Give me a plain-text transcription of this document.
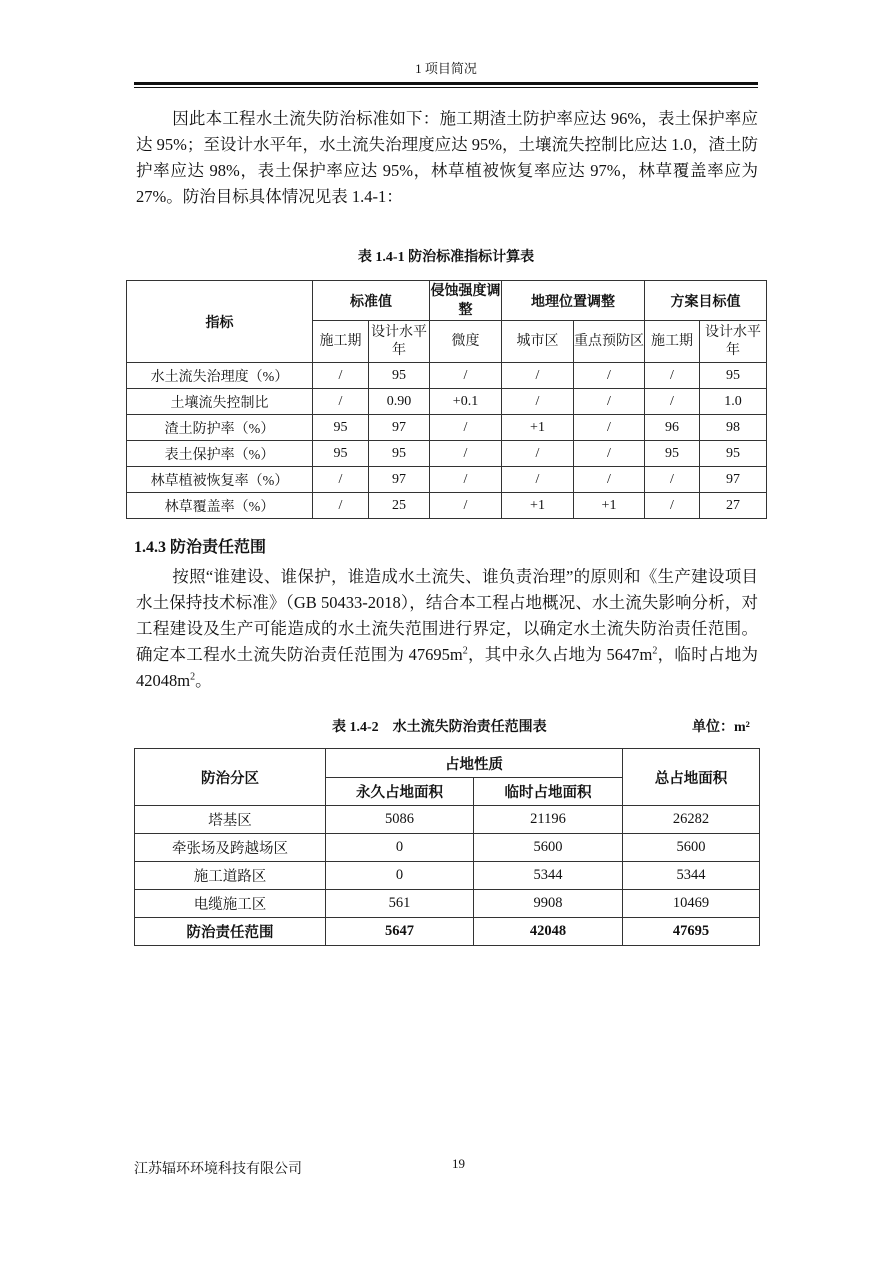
1 项目简况
因此本工程水土流失防治标准如下：施工期渣土防护率应达 96%，表土保护率应达 95%；至设计水平年，水土流失治理度应达 95%，土壤流失控制比应达 1.0，渣土防护率应达 98%，表土保护率应达 95%，林草植被恢复率应达 97%，林草覆盖率应为 27%。防治目标具体情况见表 1.4-1：
表 1.4-1 防治标准指标计算表
指标	标准值		侵蚀强度调整	地理位置调整		方案目标值	
	施工期	设计水平年	微度	城市区	重点预防区	施工期	设计水平年
水土流失治理度（%）	/	95	/	/	/	/	95
土壤流失控制比	/	0.90	+0.1	/	/	/	1.0
渣土防护率（%）	95	97	/	+1	/	96	98
表土保护率（%）	95	95	/	/	/	95	95
林草植被恢复率（%）	/	97	/	/	/	/	97
林草覆盖率（%）	/	25	/	+1	+1	/	27
1.4.3 防治责任范围
按照“谁建设、谁保护，谁造成水土流失、谁负责治理”的原则和《生产建设项目水土保持技术标准》（GB 50433-2018），结合本工程占地概况、水土流失影响分析，对工程建设及生产可能造成的水土流失范围进行界定，以确定水土流失防治责任范围。确定本工程水土流失防治责任范围为 $47695m^2$，其中永久占地为 $5647m^2$，临时占地为 $42048m^2$。
表 1.4-2　水土流失防治责任范围表	单位：m²
防治分区	占地性质		总占地面积
	永久占地面积	临时占地面积	
塔基区	5086	21196	26282
牵张场及跨越场区	0	5600	5600
施工道路区	0	5344	5344
电缆施工区	561	9908	10469
防治责任范围	5647	42048	47695
江苏辐环环境科技有限公司	19
